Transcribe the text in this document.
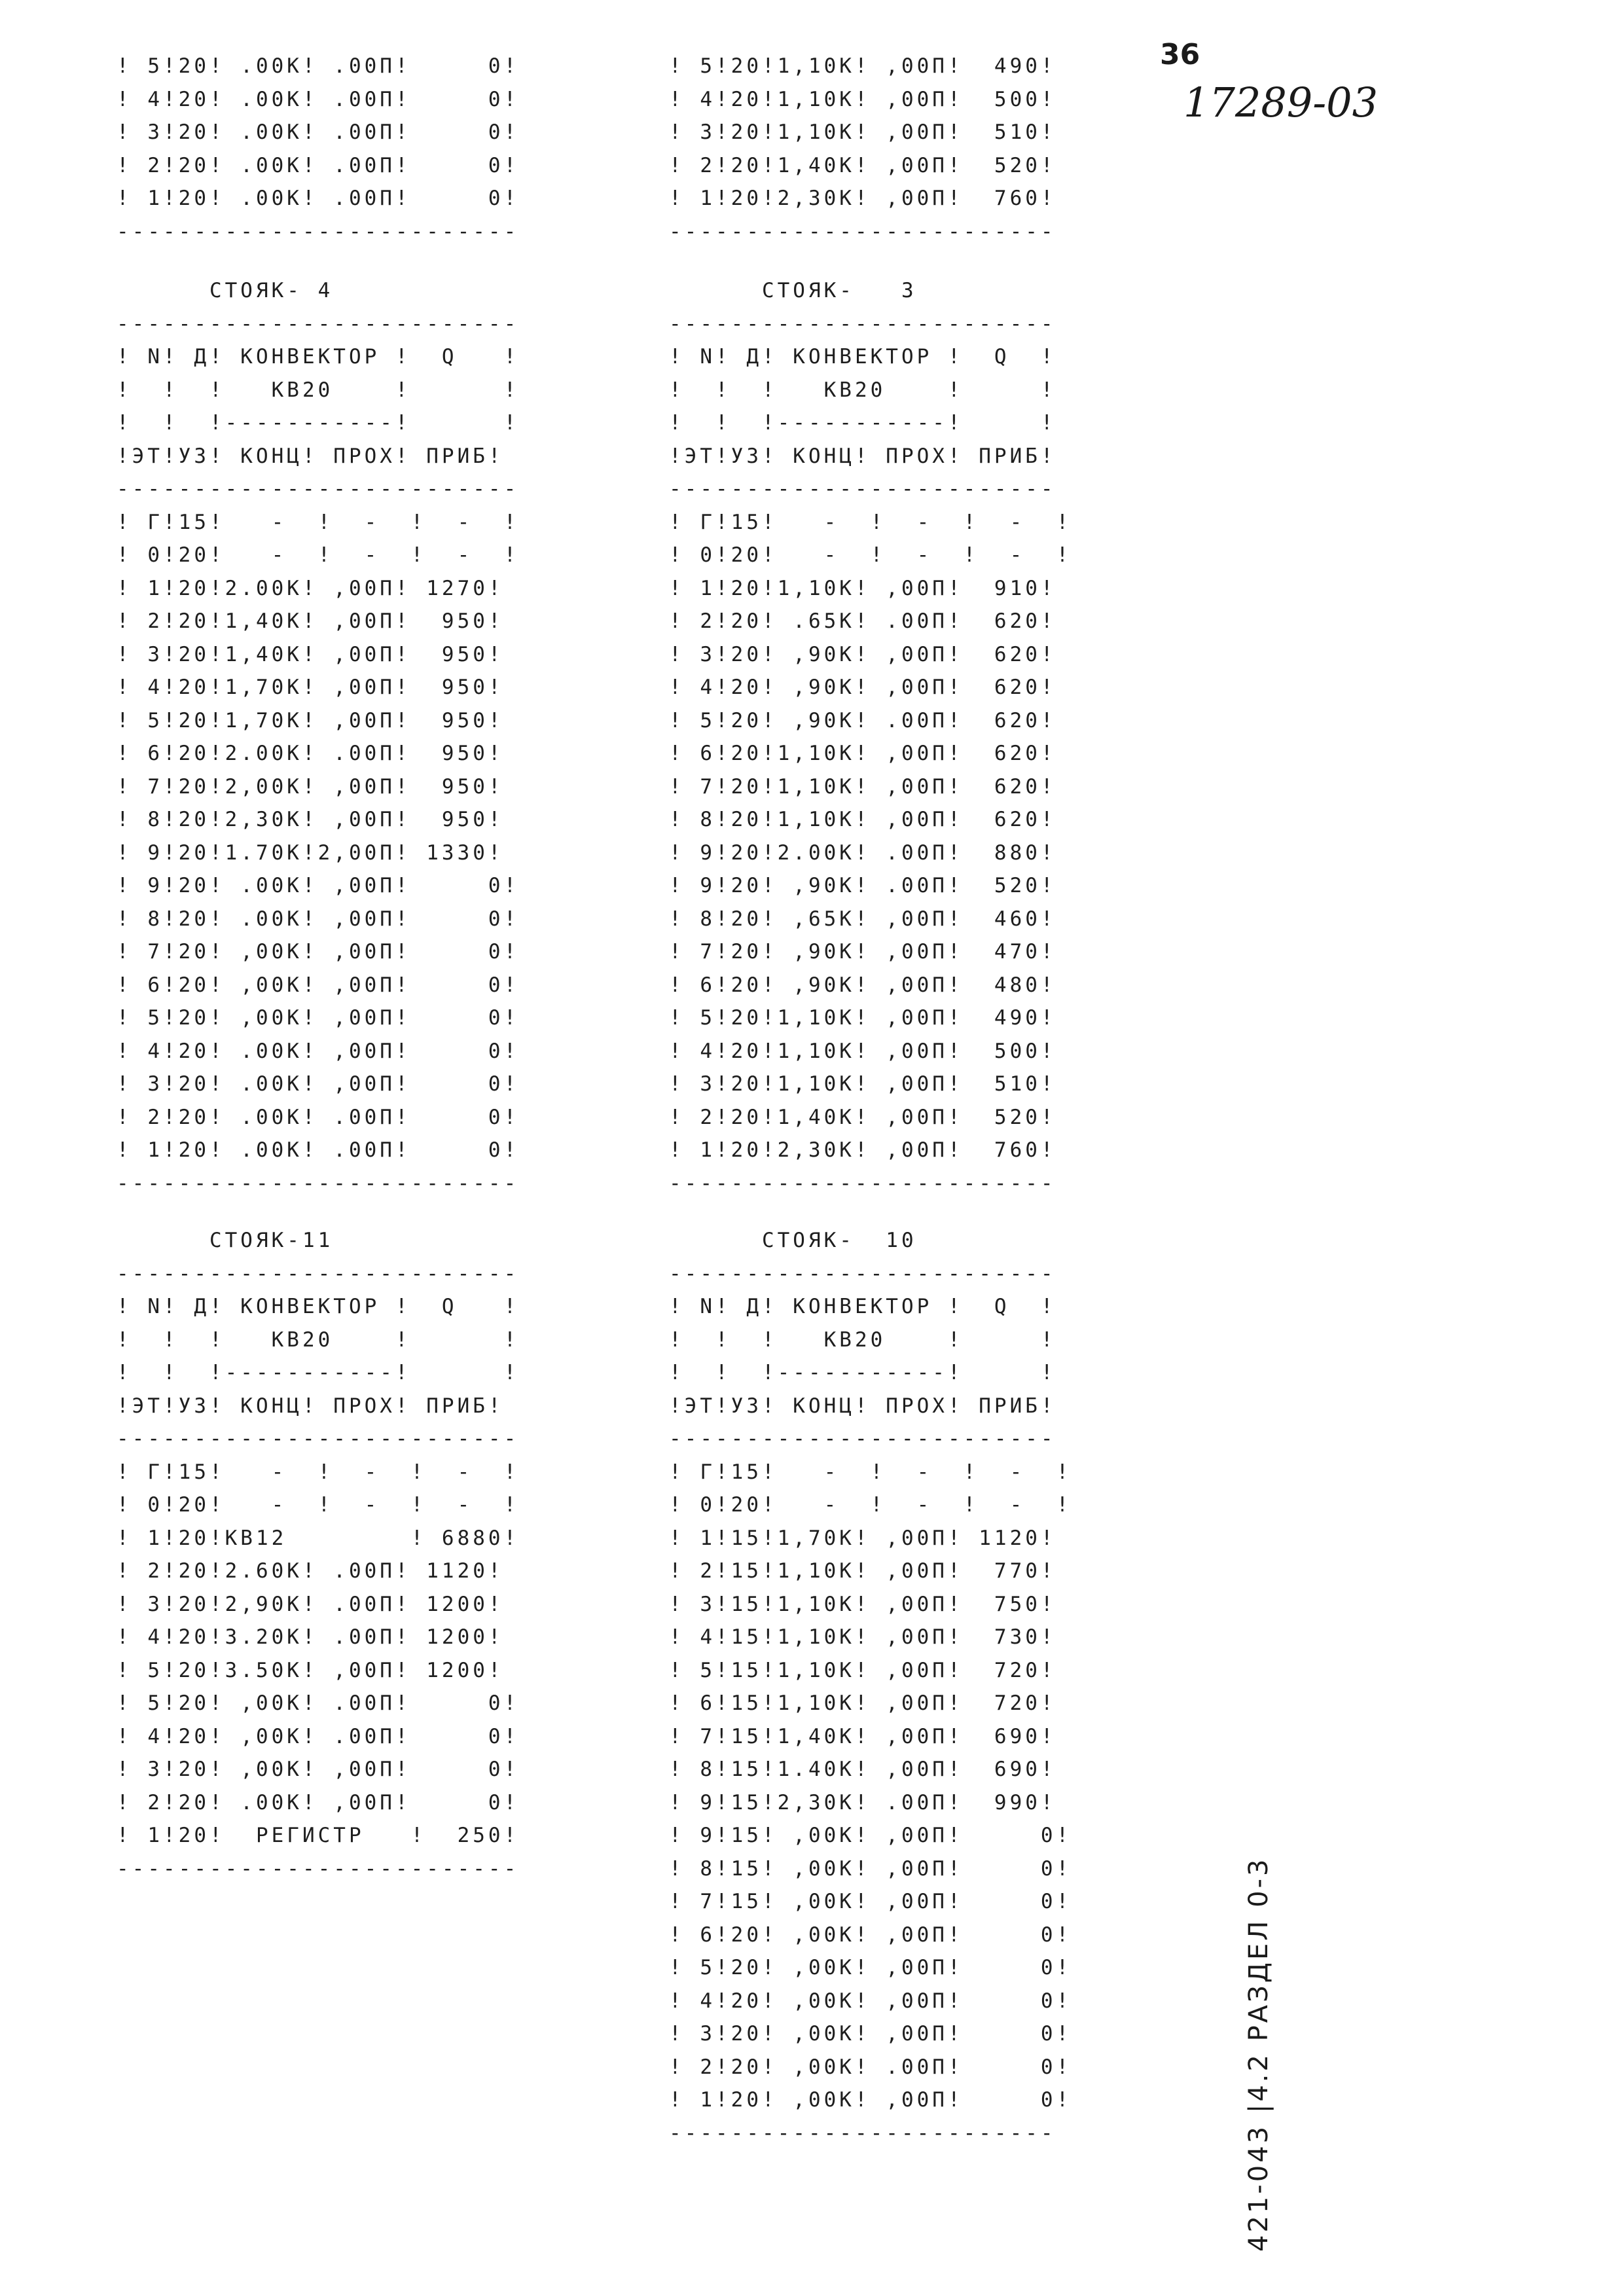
36
17289-03
! 5!20! .00К! .00П!     0!
! 4!20! .00К! .00П!     0!
! 3!20! .00К! .00П!     0!
! 2!20! .00К! .00П!     0!
! 1!20! .00К! .00П!     0!
--------------------------
! 5!20!1,10К! ,00П!  490!
! 4!20!1,10К! ,00П!  500!
! 3!20!1,10К! ,00П!  510!
! 2!20!1,40К! ,00П!  520!
! 1!20!2,30К! ,00П!  760!
-------------------------
СТОЯК- 4
--------------------------
! N! Д! КОНВЕКТОР !  Q   !
!  !  !   КВ20    !      !
!  !  !-----------!      !
!ЭТ!УЗ! КОНЦ! ПРОХ! ПРИБ!
--------------------------
! Г!15!   -  !  -  !  -  !
! 0!20!   -  !  -  !  -  !
! 1!20!2.00К! ,00П! 1270!
! 2!20!1,40К! ,00П!  950!
! 3!20!1,40К! ,00П!  950!
! 4!20!1,70К! ,00П!  950!
! 5!20!1,70К! ,00П!  950!
! 6!20!2.00К! .00П!  950!
! 7!20!2,00К! ,00П!  950!
! 8!20!2,30К! ,00П!  950!
! 9!20!1.70К!2,00П! 1330!
! 9!20! .00К! ,00П!     0!
! 8!20! .00К! ,00П!     0!
! 7!20! ,00К! ,00П!     0!
! 6!20! ,00К! ,00П!     0!
! 5!20! ,00К! ,00П!     0!
! 4!20! .00К! ,00П!     0!
! 3!20! .00К! ,00П!     0!
! 2!20! .00К! .00П!     0!
! 1!20! .00К! .00П!     0!
--------------------------
СТОЯК-   3
-------------------------
! N! Д! КОНВЕКТОР !  Q  !
!  !  !   КВ20    !     !
!  !  !-----------!     !
!ЭТ!УЗ! КОНЦ! ПРОХ! ПРИБ!
-------------------------
! Г!15!   -  !  -  !  -  !
! 0!20!   -  !  -  !  -  !
! 1!20!1,10К! ,00П!  910!
! 2!20! .65К! .00П!  620!
! 3!20! ,90К! ,00П!  620!
! 4!20! ,90К! ,00П!  620!
! 5!20! ,90К! .00П!  620!
! 6!20!1,10К! ,00П!  620!
! 7!20!1,10К! ,00П!  620!
! 8!20!1,10К! ,00П!  620!
! 9!20!2.00К! .00П!  880!
! 9!20! ,90К! .00П!  520!
! 8!20! ,65К! ,00П!  460!
! 7!20! ,90К! ,00П!  470!
! 6!20! ,90К! ,00П!  480!
! 5!20!1,10К! ,00П!  490!
! 4!20!1,10К! ,00П!  500!
! 3!20!1,10К! ,00П!  510!
! 2!20!1,40К! ,00П!  520!
! 1!20!2,30К! ,00П!  760!
-------------------------
СТОЯК-11
--------------------------
! N! Д! КОНВЕКТОР !  Q   !
!  !  !   КВ20    !      !
!  !  !-----------!      !
!ЭТ!УЗ! КОНЦ! ПРОХ! ПРИБ!
--------------------------
! Г!15!   -  !  -  !  -  !
! 0!20!   -  !  -  !  -  !
! 1!20!КВ12        ! 6880!
! 2!20!2.60К! .00П! 1120!
! 3!20!2,90К! .00П! 1200!
! 4!20!3.20К! .00П! 1200!
! 5!20!3.50К! ,00П! 1200!
! 5!20! ,00К! .00П!     0!
! 4!20! ,00К! .00П!     0!
! 3!20! ,00К! ,00П!     0!
! 2!20! .00К! ,00П!     0!
! 1!20!  РЕГИСТР   !  250!
--------------------------
СТОЯК-  10
-------------------------
! N! Д! КОНВЕКТОР !  Q  !
!  !  !   КВ20    !     !
!  !  !-----------!     !
!ЭТ!УЗ! КОНЦ! ПРОХ! ПРИБ!
-------------------------
! Г!15!   -  !  -  !  -  !
! 0!20!   -  !  -  !  -  !
! 1!15!1,70К! ,00П! 1120!
! 2!15!1,10К! ,00П!  770!
! 3!15!1,10К! ,00П!  750!
! 4!15!1,10К! ,00П!  730!
! 5!15!1,10К! ,00П!  720!
! 6!15!1,10К! ,00П!  720!
! 7!15!1,40К! ,00П!  690!
! 8!15!1.40К! ,00П!  690!
! 9!15!2,30К! .00П!  990!
! 9!15! ,00К! ,00П!     0!
! 8!15! ,00К! ,00П!     0!
! 7!15! ,00К! ,00П!     0!
! 6!20! ,00К! ,00П!     0!
! 5!20! ,00К! ,00П!     0!
! 4!20! ,00К! ,00П!     0!
! 3!20! ,00К! ,00П!     0!
! 2!20! ,00К! .00П!     0!
! 1!20! ,00К! ,00П!     0!
-------------------------	421-043 |4.2 РАЗДЕЛ 0-3
